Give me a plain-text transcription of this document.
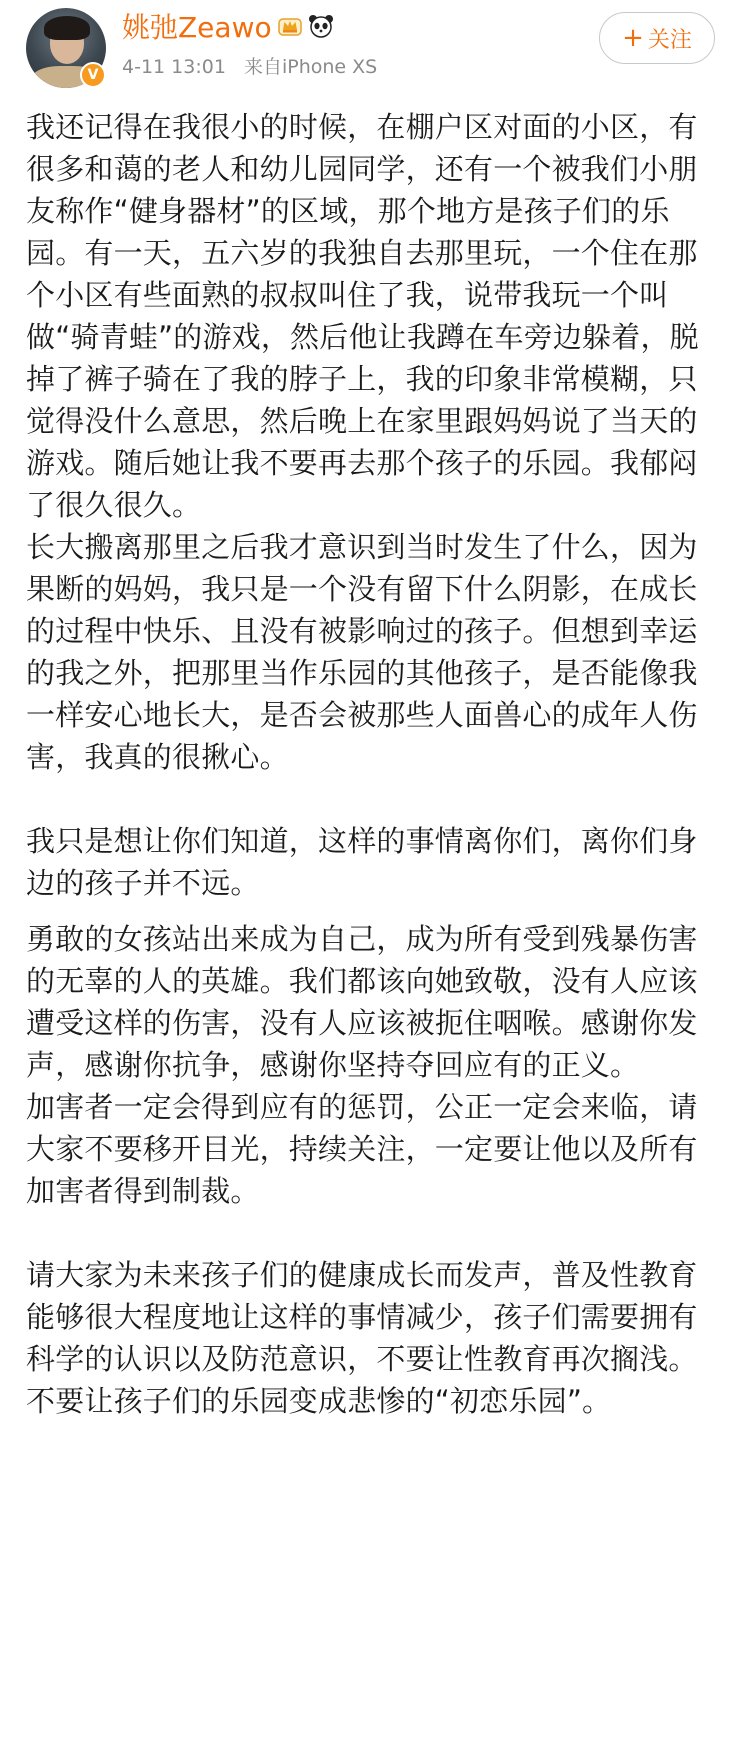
V
姚弛Zeawo
4-11 13:01 来自iPhone XS
+ 关注

我还记得在我很小的时候，在棚户区对面的小区，有很多和蔼的老人和幼儿园同学，还有一个被我们小朋友称作“健身器材”的区域，那个地方是孩子们的乐园。有一天，五六岁的我独自去那里玩，一个住在那个小区有些面熟的叔叔叫住了我，说带我玩一个叫做“骑青蛙”的游戏，然后他让我蹲在车旁边躲着，脱掉了裤子骑在了我的脖子上，我的印象非常模糊，只觉得没什么意思，然后晚上在家里跟妈妈说了当天的游戏。随后她让我不要再去那个孩子的乐园。我郁闷了很久很久。

长大搬离那里之后我才意识到当时发生了什么，因为果断的妈妈，我只是一个没有留下什么阴影，在成长的过程中快乐、且没有被影响过的孩子。但想到幸运的我之外，把那里当作乐园的其他孩子，是否能像我一样安心地长大，是否会被那些人面兽心的成年人伤害，我真的很揪心。

我只是想让你们知道，这样的事情离你们，离你们身边的孩子并不远。

勇敢的女孩站出来成为自己，成为所有受到残暴伤害的无辜的人的英雄。我们都该向她致敬，没有人应该遭受这样的伤害，没有人应该被扼住咽喉。感谢你发声，感谢你抗争，感谢你坚持夺回应有的正义。

加害者一定会得到应有的惩罚，公正一定会来临，请大家不要移开目光，持续关注，一定要让他以及所有加害者得到制裁。

请大家为未来孩子们的健康成长而发声，普及性教育能够很大程度地让这样的事情减少，孩子们需要拥有科学的认识以及防范意识，不要让性教育再次搁浅。不要让孩子们的乐园变成悲惨的“初恋乐园”。
